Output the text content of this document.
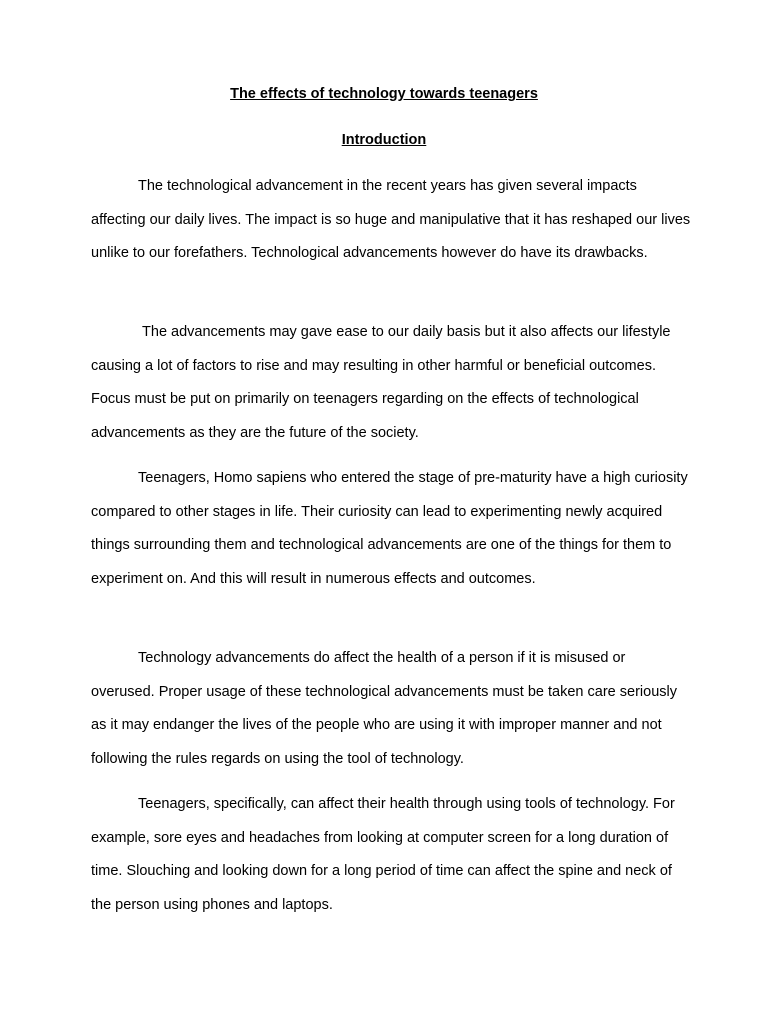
The effects of technology towards teenagers
Introduction

The technological advancement in the recent years has given several impacts affecting our daily lives. The impact is so huge and manipulative that it has reshaped our lives unlike to our forefathers. Technological advancements however do have its drawbacks.

The advancements may gave ease to our daily basis but it also affects our lifestyle causing a lot of factors to rise and may resulting in other harmful or beneficial outcomes. Focus must be put on primarily on teenagers regarding on the effects of technological advancements as they are the future of the society.

Teenagers, Homo sapiens who entered the stage of pre-maturity have a high curiosity compared to other stages in life. Their curiosity can lead to experimenting newly acquired things surrounding them and technological advancements are one of the things for them to experiment on. And this will result in numerous effects and outcomes.

Technology advancements do affect the health of a person if it is misused or overused. Proper usage of these technological advancements must be taken care seriously as it may endanger the lives of the people who are using it with improper manner and not following the rules regards on using the tool of technology.

Teenagers, specifically, can affect their health through using tools of technology. For example, sore eyes and headaches from looking at computer screen for a long duration of time. Slouching and looking down for a long period of time can affect the spine and neck of the person using phones and laptops.
